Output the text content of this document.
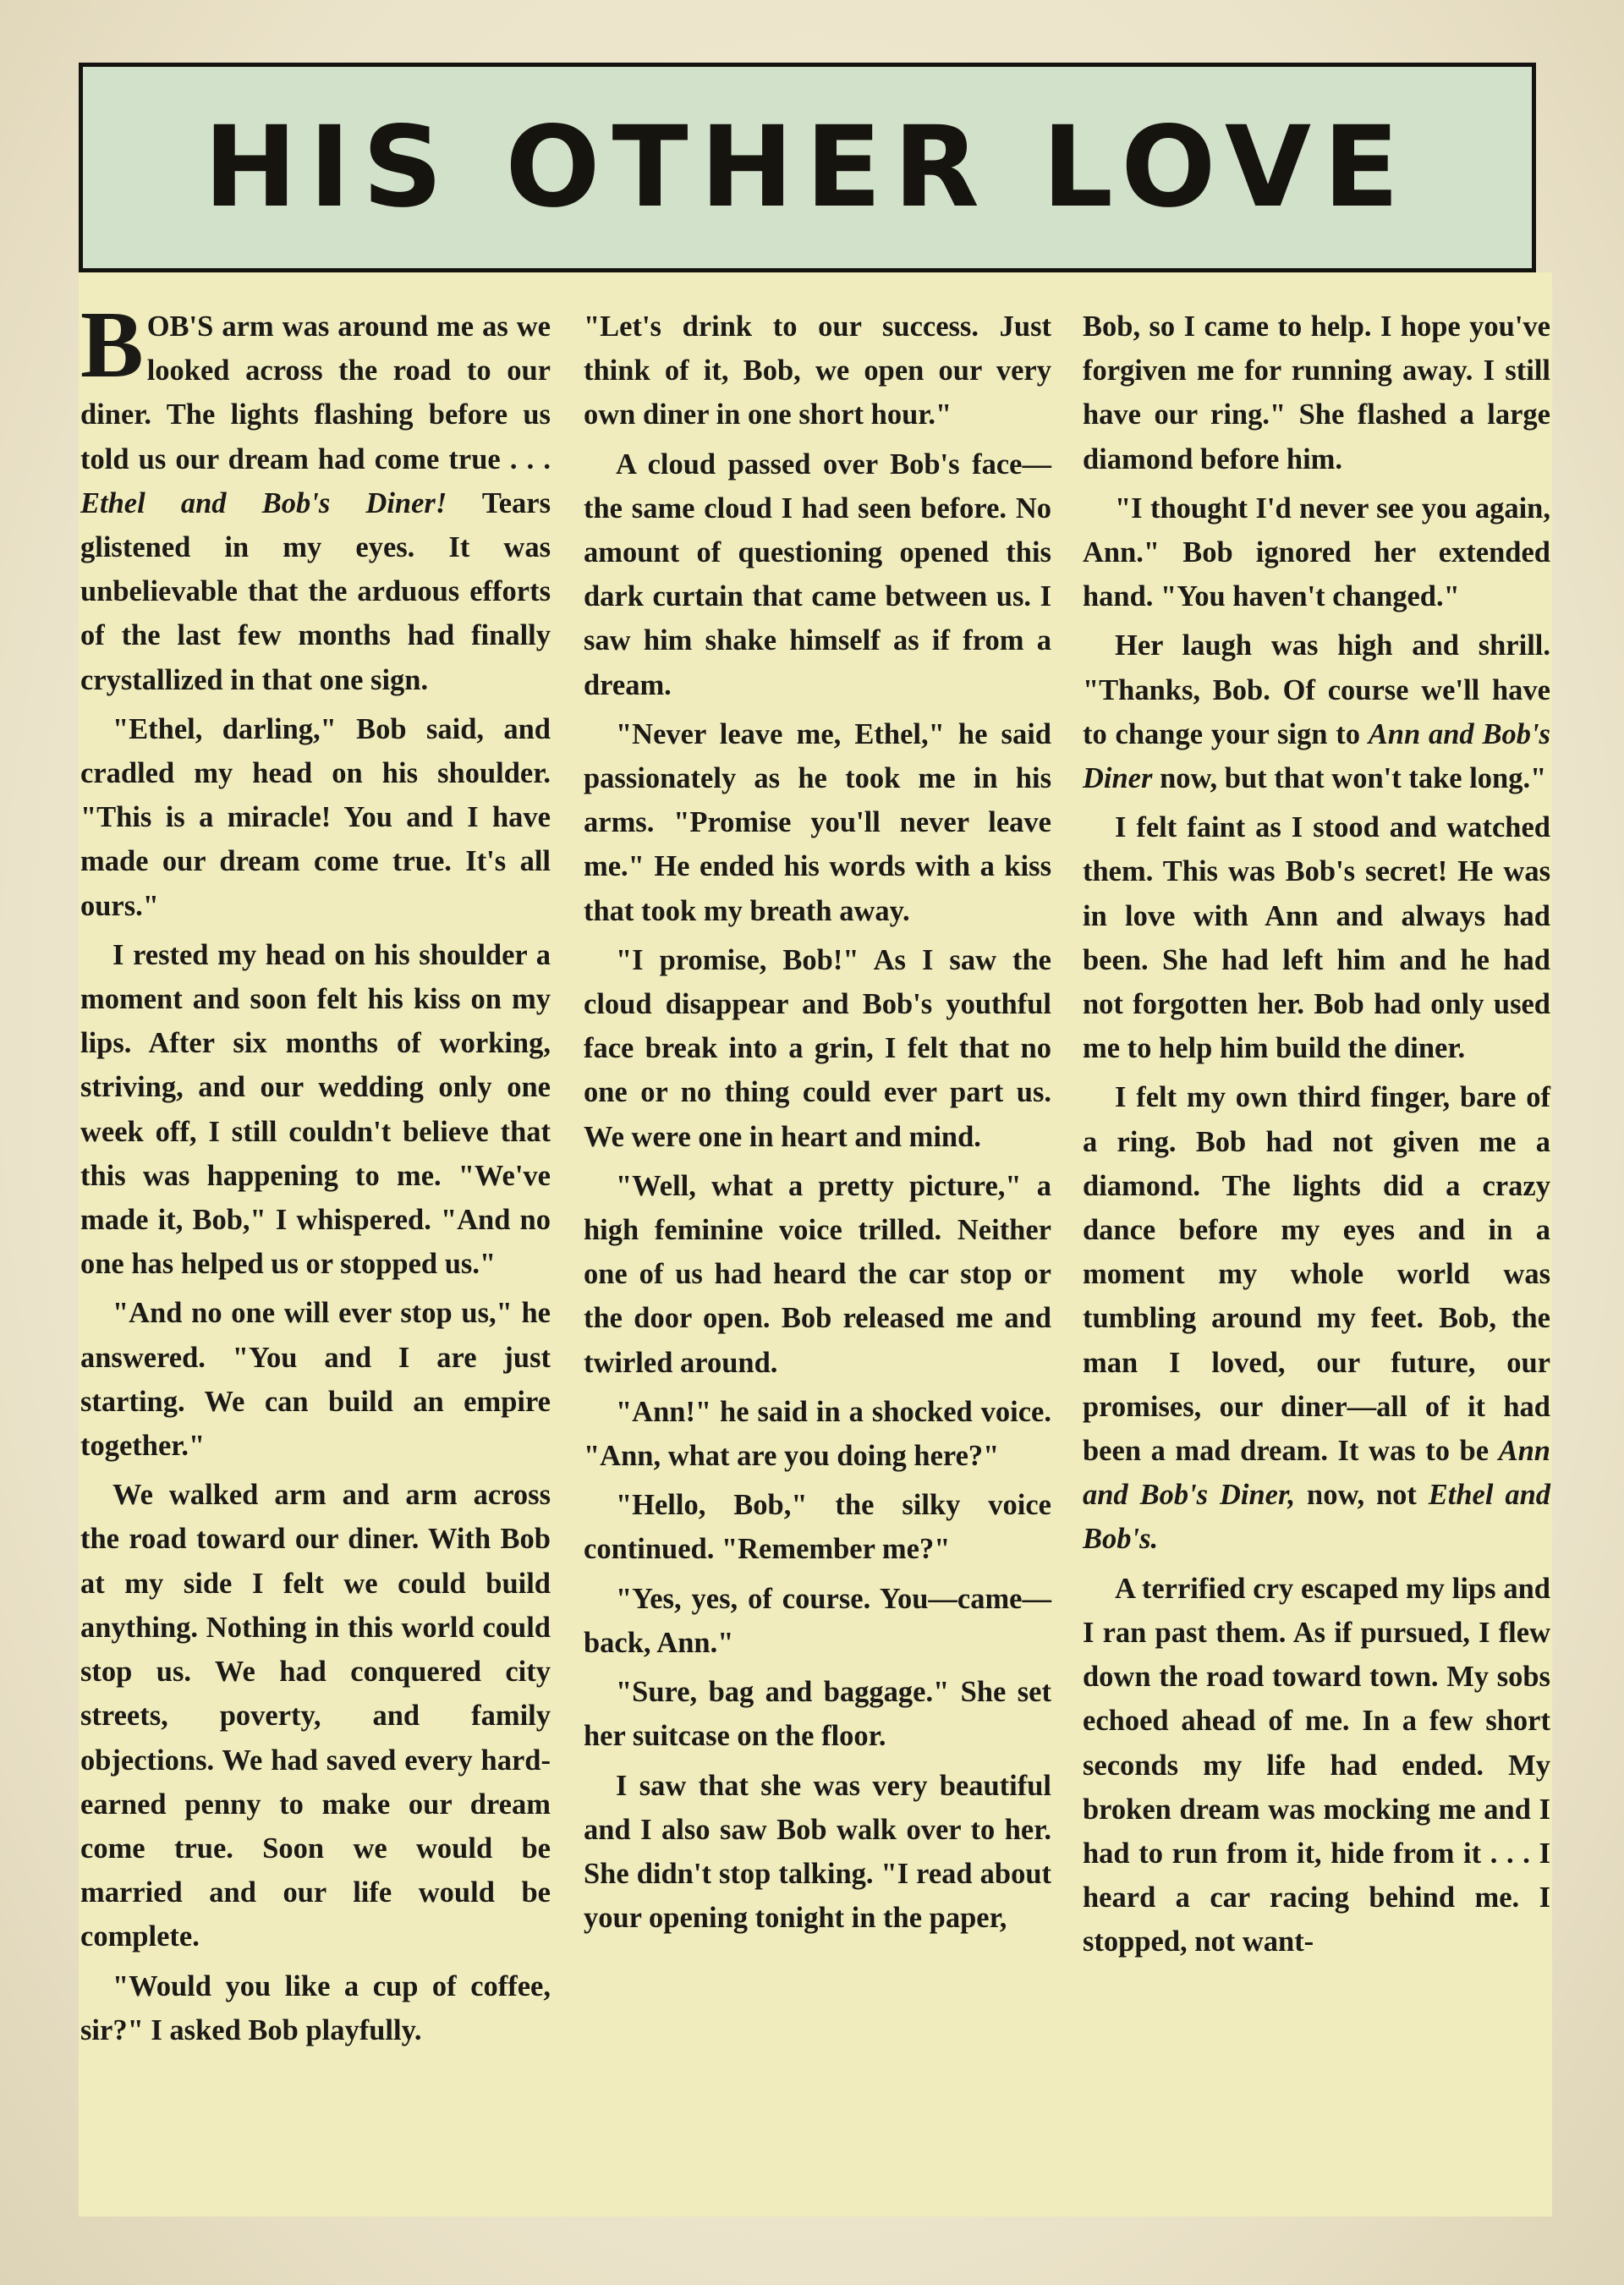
HIS OTHER LOVE

BOB'S arm was around me as we looked across the road to our diner. The lights flashing before us told us our dream had come true . . . Ethel and Bob's Diner! Tears glistened in my eyes. It was unbelievable that the arduous efforts of the last few months had finally crystallized in that one sign.

"Ethel, darling," Bob said, and cradled my head on his shoulder. "This is a miracle! You and I have made our dream come true. It's all ours."

I rested my head on his shoulder a moment and soon felt his kiss on my lips. After six months of working, striving, and our wedding only one week off, I still couldn't believe that this was happening to me. "We've made it, Bob," I whispered. "And no one has helped us or stopped us."

"And no one will ever stop us," he answered. "You and I are just starting. We can build an empire together."

We walked arm and arm across the road toward our diner. With Bob at my side I felt we could build anything. Nothing in this world could stop us. We had conquered city streets, poverty, and family objections. We had saved every hard-earned penny to make our dream come true. Soon we would be married and our life would be complete.

"Would you like a cup of coffee, sir?" I asked Bob playfully.

"Let's drink to our success. Just think of it, Bob, we open our very own diner in one short hour."

A cloud passed over Bob's face—the same cloud I had seen before. No amount of questioning opened this dark curtain that came between us. I saw him shake himself as if from a dream.

"Never leave me, Ethel," he said passionately as he took me in his arms. "Promise you'll never leave me." He ended his words with a kiss that took my breath away.

"I promise, Bob!" As I saw the cloud disappear and Bob's youthful face break into a grin, I felt that no one or no thing could ever part us. We were one in heart and mind.

"Well, what a pretty picture," a high feminine voice trilled. Neither one of us had heard the car stop or the door open. Bob released me and twirled around.

"Ann!" he said in a shocked voice. "Ann, what are you doing here?"

"Hello, Bob," the silky voice continued. "Remember me?"

"Yes, yes, of course. You—came—back, Ann."

"Sure, bag and baggage." She set her suitcase on the floor.

I saw that she was very beautiful and I also saw Bob walk over to her. She didn't stop talking. "I read about your opening tonight in the paper,

Bob, so I came to help. I hope you've forgiven me for running away. I still have our ring." She flashed a large diamond before him.

"I thought I'd never see you again, Ann." Bob ignored her extended hand. "You haven't changed."

Her laugh was high and shrill. "Thanks, Bob. Of course we'll have to change your sign to Ann and Bob's Diner now, but that won't take long."

I felt faint as I stood and watched them. This was Bob's secret! He was in love with Ann and always had been. She had left him and he had not forgotten her. Bob had only used me to help him build the diner.

I felt my own third finger, bare of a ring. Bob had not given me a diamond. The lights did a crazy dance before my eyes and in a moment my whole world was tumbling around my feet. Bob, the man I loved, our future, our promises, our diner—all of it had been a mad dream. It was to be Ann and Bob's Diner, now, not Ethel and Bob's.

A terrified cry escaped my lips and I ran past them. As if pursued, I flew down the road toward town. My sobs echoed ahead of me. In a few short seconds my life had ended. My broken dream was mocking me and I had to run from it, hide from it . . . I heard a car racing behind me. I stopped, not want-
